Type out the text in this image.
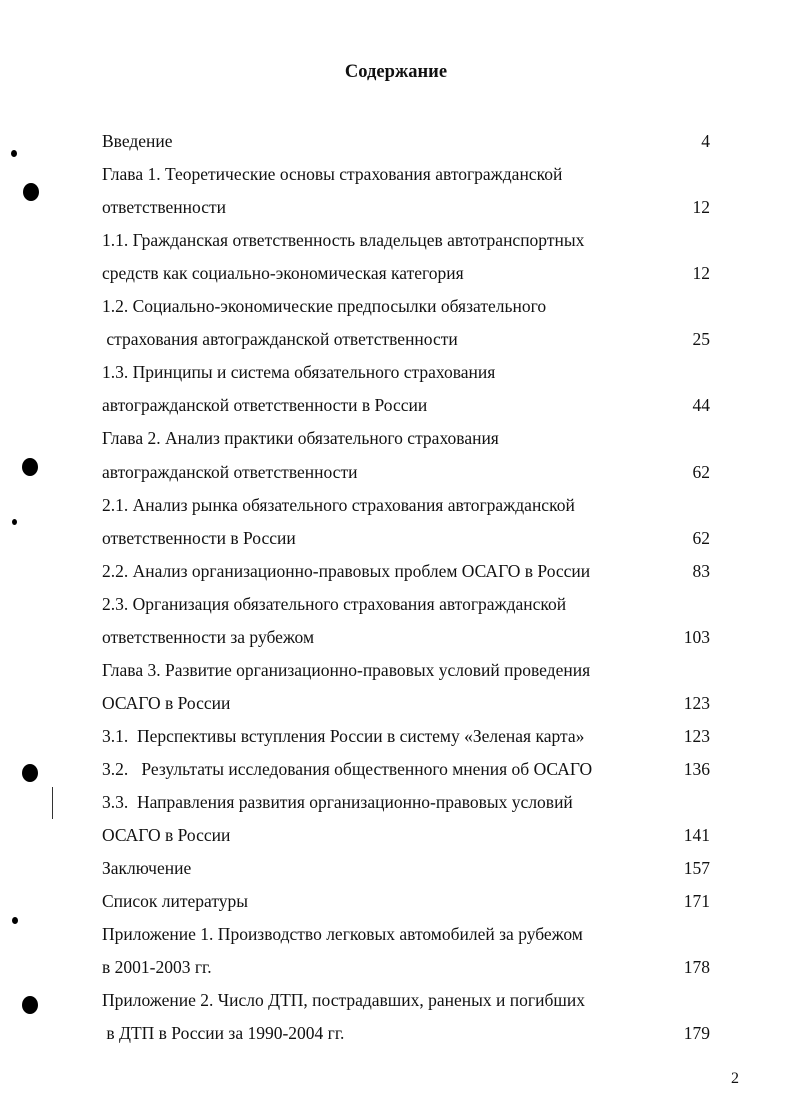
Содержание
Введение	4
Глава 1. Теоретические основы страхования автогражданской
ответственности	12
1.1. Гражданская ответственность владельцев автотранспортных
средств как социально-экономическая категория	12
1.2. Социально-экономические предпосылки обязательного
страхования автогражданской ответственности	25
1.3. Принципы и система обязательного страхования
автогражданской ответственности в России	44
Глава 2. Анализ практики обязательного страхования
автогражданской ответственности	62
2.1. Анализ рынка обязательного страхования автогражданской
ответственности в России	62
2.2. Анализ организационно-правовых проблем ОСАГО в России	83
2.3. Организация обязательного страхования автогражданской
ответственности за рубежом	103
Глава 3. Развитие организационно-правовых условий проведения
ОСАГО в России	123
3.1.  Перспективы вступления России в систему «Зеленая карта»	123
3.2.   Результаты исследования общественного мнения об ОСАГО	136
3.3.  Направления развития организационно-правовых условий
ОСАГО в России	141
Заключение	157
Список литературы	171
Приложение 1. Производство легковых автомобилей за рубежом
в 2001-2003 гг.	178
Приложение 2. Число ДТП, пострадавших, раненых и погибших
в ДТП в России за 1990-2004 гг.	179
2
